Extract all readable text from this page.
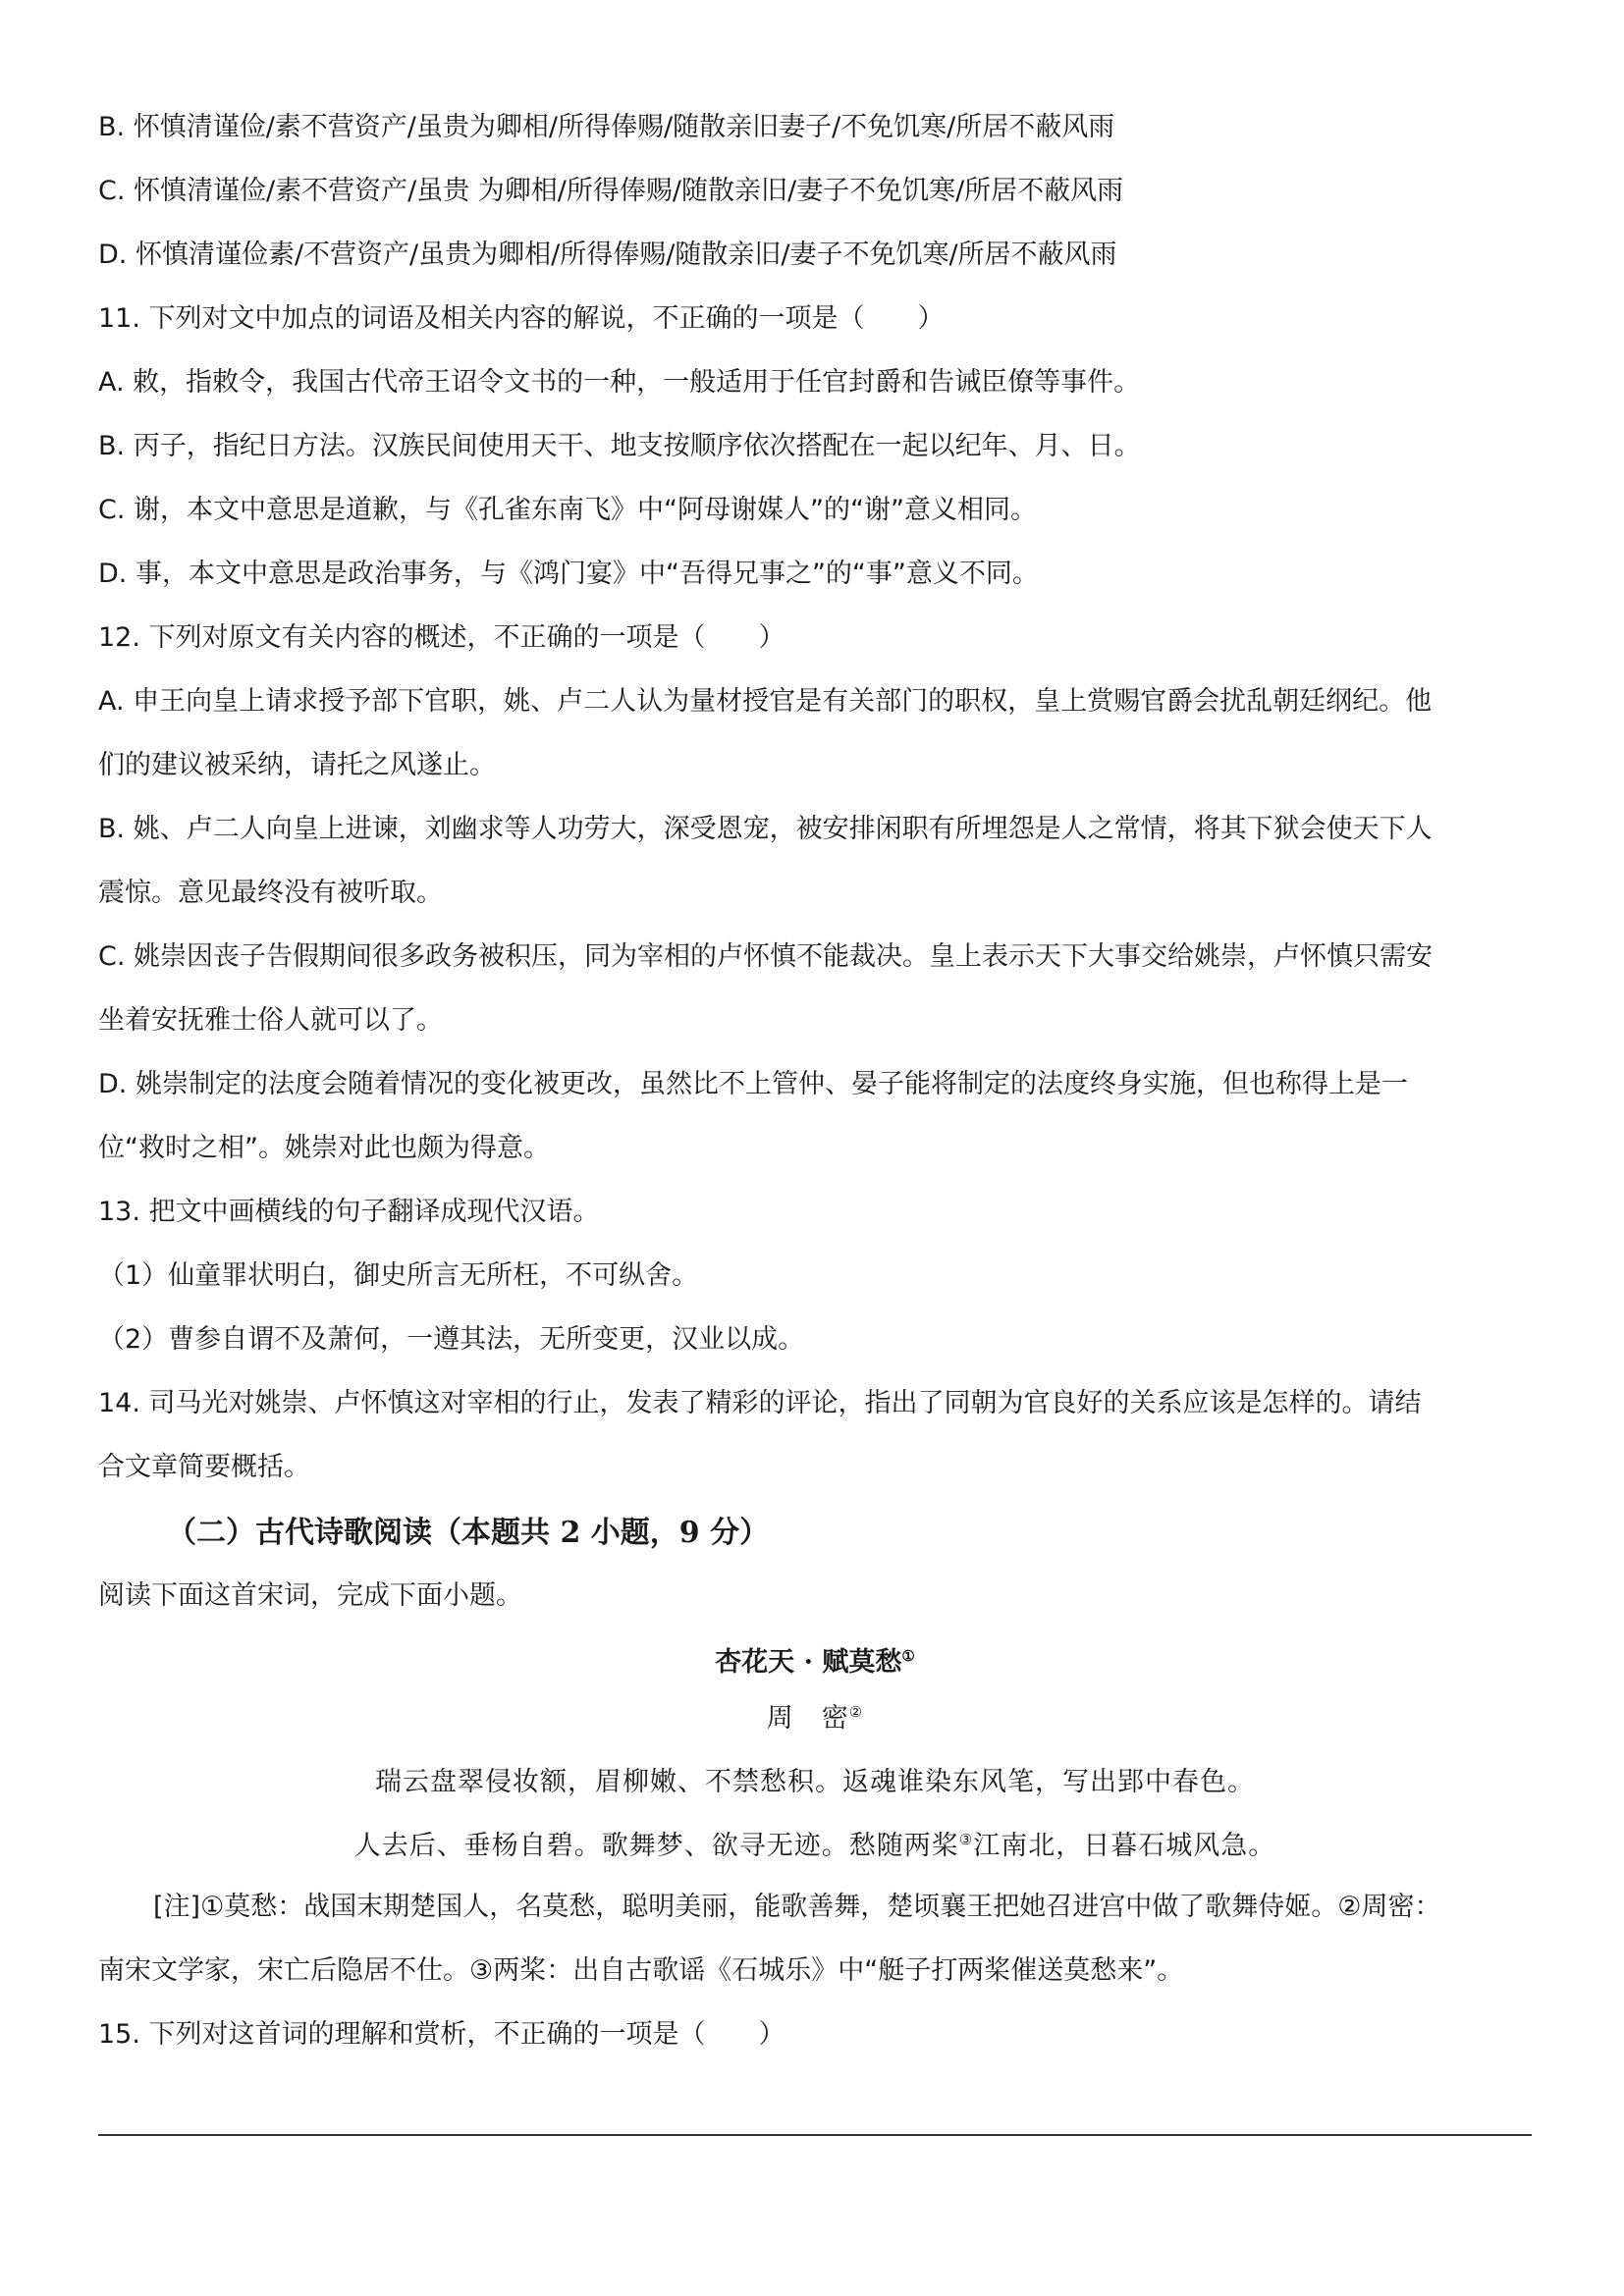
B. 怀慎清谨俭/素不营资产/虽贵为卿相/所得俸赐/随散亲旧妻子/不免饥寒/所居不蔽风雨
C. 怀慎清谨俭/素不营资产/虽贵 为卿相/所得俸赐/随散亲旧/妻子不免饥寒/所居不蔽风雨
D. 怀慎清谨俭素/不营资产/虽贵为卿相/所得俸赐/随散亲旧/妻子不免饥寒/所居不蔽风雨
11. 下列对文中加点的词语及相关内容的解说，不正确的一项是（　　）
A. 敕，指敕令，我国古代帝王诏令文书的一种，一般适用于任官封爵和告诫臣僚等事件。
B. 丙子，指纪日方法。汉族民间使用天干、地支按顺序依次搭配在一起以纪年、月、日。
C. 谢，本文中意思是道歉，与《孔雀东南飞》中“阿母谢媒人”的“谢”意义相同。
D. 事，本文中意思是政治事务，与《鸿门宴》中“吾得兄事之”的“事”意义不同。
12. 下列对原文有关内容的概述，不正确的一项是（　　）
A. 申王向皇上请求授予部下官职，姚、卢二人认为量材授官是有关部门的职权，皇上赏赐官爵会扰乱朝廷纲纪。他
们的建议被采纳，请托之风遂止。
B. 姚、卢二人向皇上进谏，刘幽求等人功劳大，深受恩宠，被安排闲职有所埋怨是人之常情，将其下狱会使天下人
震惊。意见最终没有被听取。
C. 姚崇因丧子告假期间很多政务被积压，同为宰相的卢怀慎不能裁决。皇上表示天下大事交给姚崇，卢怀慎只需安
坐着安抚雅士俗人就可以了。
D. 姚崇制定的法度会随着情况的变化被更改，虽然比不上管仲、晏子能将制定的法度终身实施，但也称得上是一
位“救时之相”。姚崇对此也颇为得意。
13. 把文中画横线的句子翻译成现代汉语。
（1）仙童罪状明白，御史所言无所枉，不可纵舍。
（2）曹参自谓不及萧何，一遵其法，无所变更，汉业以成。
14. 司马光对姚崇、卢怀慎这对宰相的行止，发表了精彩的评论，指出了同朝为官良好的关系应该是怎样的。请结
合文章简要概括。
（二）古代诗歌阅读（本题共 2 小题，9 分）
阅读下面这首宋词，完成下面小题。
杏花天 · 赋莫愁①
周　密②
瑞云盘翠侵妆额，眉柳嫩、不禁愁积。返魂谁染东风笔，写出郢中春色。
人去后、垂杨自碧。歌舞梦、欲寻无迹。愁随两桨③江南北，日暮石城风急。
[注]①莫愁：战国末期楚国人，名莫愁，聪明美丽，能歌善舞，楚顷襄王把她召进宫中做了歌舞侍姬。②周密：
南宋文学家，宋亡后隐居不仕。③两桨：出自古歌谣《石城乐》中“艇子打两桨催送莫愁来”。
15. 下列对这首词的理解和赏析，不正确的一项是（　　）
